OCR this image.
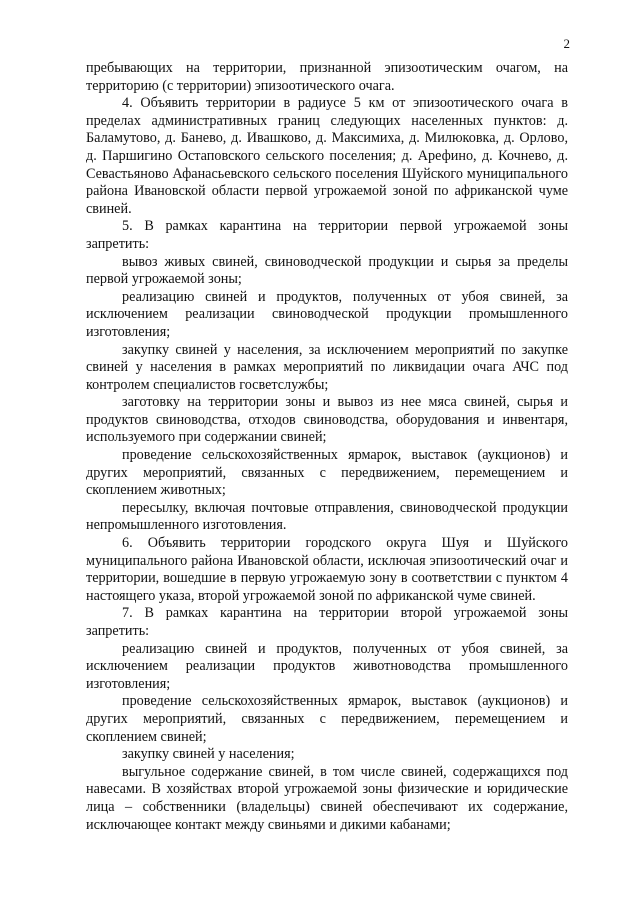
2

пребывающих на территории, признанной эпизоотическим очагом, на территорию (с территории) эпизоотического очага.

4. Объявить территории в радиусе 5 км от эпизоотического очага в пределах административных границ следующих населенных пунктов: д. Баламутово, д. Банево, д. Ивашково, д. Максимиха, д. Милюковка, д. Орлово, д. Паршигино Остаповского сельского поселения; д. Арефино, д. Кочнево, д. Севастьяново Афанасьевского сельского поселения Шуйского муниципального района Ивановской области первой угрожаемой зоной по африканской чуме свиней.

5. В рамках карантина на территории первой угрожаемой зоны запретить:

вывоз живых свиней, свиноводческой продукции и сырья за пределы первой угрожаемой зоны;

реализацию свиней и продуктов, полученных от убоя свиней, за исключением реализации свиноводческой продукции промышленного изготовления;

закупку свиней у населения, за исключением мероприятий по закупке свиней у населения в рамках мероприятий по ликвидации очага АЧС под контролем специалистов госветслужбы;

заготовку на территории зоны и вывоз из нее мяса свиней, сырья и продуктов свиноводства, отходов свиноводства, оборудования и инвентаря, используемого при содержании свиней;

проведение сельскохозяйственных ярмарок, выставок (аукционов) и других мероприятий, связанных с передвижением, перемещением и скоплением животных;

пересылку, включая почтовые отправления, свиноводческой продукции непромышленного изготовления.

6. Объявить территории городского округа Шуя и Шуйского муниципального района Ивановской области, исключая эпизоотический очаг и территории, вошедшие в первую угрожаемую зону в соответствии с пунктом 4 настоящего указа, второй угрожаемой зоной по африканской чуме свиней.

7. В рамках карантина на территории второй угрожаемой зоны запретить:

реализацию свиней и продуктов, полученных от убоя свиней, за исключением реализации продуктов животноводства промышленного изготовления;

проведение сельскохозяйственных ярмарок, выставок (аукционов) и других мероприятий, связанных с передвижением, перемещением и скоплением свиней;

закупку свиней у населения;

выгульное содержание свиней, в том числе свиней, содержащихся под навесами. В хозяйствах второй угрожаемой зоны физические и юридические лица – собственники (владельцы) свиней обеспечивают их содержание, исключающее контакт между свиньями и дикими кабанами;
